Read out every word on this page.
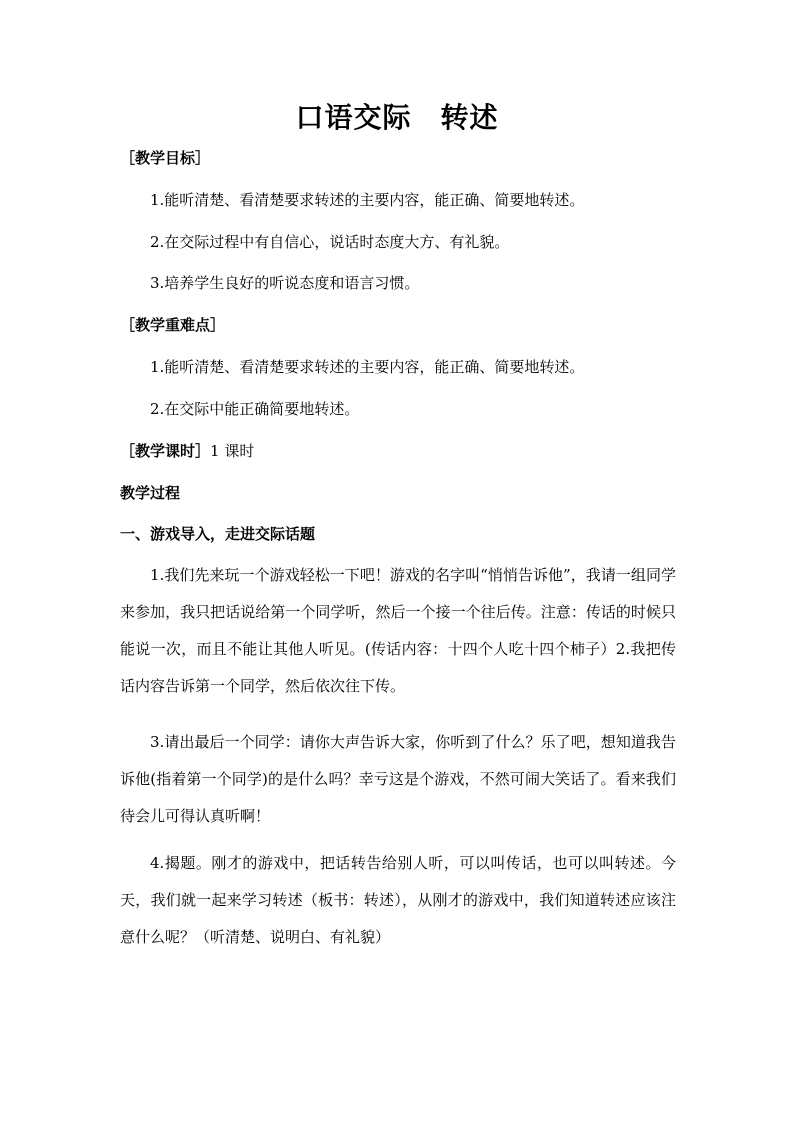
口语交际　转述
［教学目标］
1.能听清楚、看清楚要求转述的主要内容，能正确、简要地转述。
2.在交际过程中有自信心，说话时态度大方、有礼貌。
3.培养学生良好的听说态度和语言习惯。
［教学重难点］
1.能听清楚、看清楚要求转述的主要内容，能正确、简要地转述。
2.在交际中能正确简要地转述。
［教学课时］1 课时
教学过程
一、游戏导入，走进交际话题
1.我们先来玩一个游戏轻松一下吧！游戏的名字叫“悄悄告诉他”，我请一组同学来参加，我只把话说给第一个同学听，然后一个接一个往后传。注意：传话的时候只能说一次，而且不能让其他人听见。(传话内容：十四个人吃十四个柿子）2.我把传话内容告诉第一个同学，然后依次往下传。
3.请出最后一个同学：请你大声告诉大家，你听到了什么？乐了吧，想知道我告诉他(指着第一个同学)的是什么吗？幸亏这是个游戏，不然可闹大笑话了。看来我们待会儿可得认真听啊！
4.揭题。刚才的游戏中，把话转告给别人听，可以叫传话，也可以叫转述。今天，我们就一起来学习转述（板书：转述），从刚才的游戏中，我们知道转述应该注意什么呢？（听清楚、说明白、有礼貌）
